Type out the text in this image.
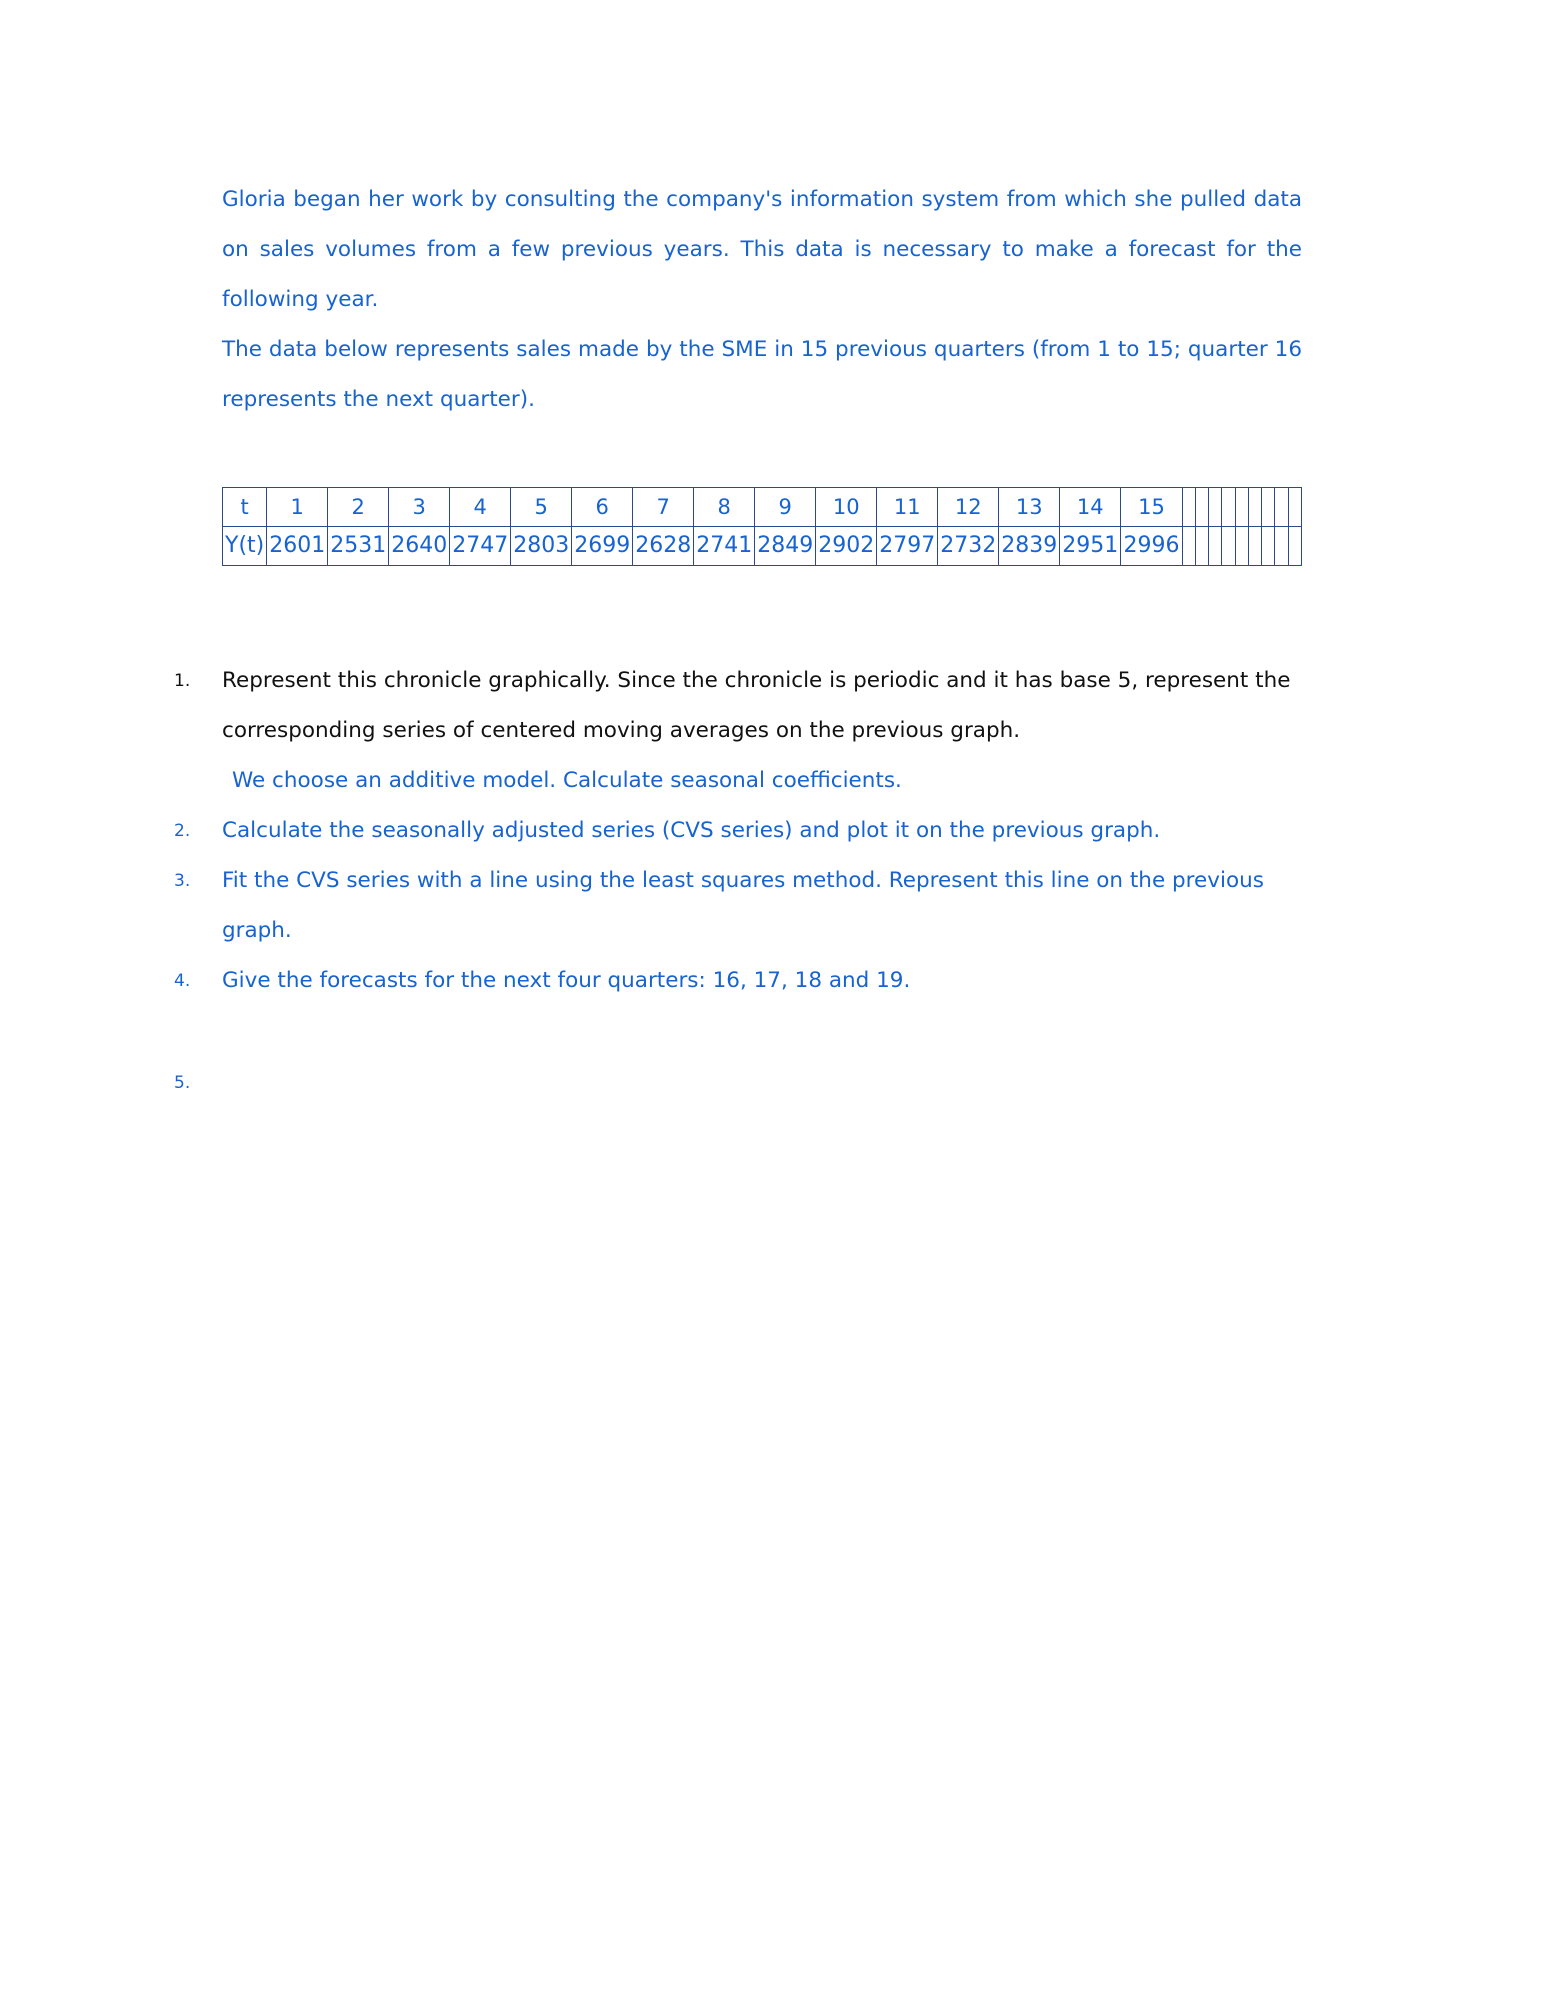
Gloria began her work by consulting the company's information system from which she pulled data on sales volumes from a few previous years. This data is necessary to make a forecast for the following year.

The data below represents sales made by the SME in 15 previous quarters (from 1 to 15; quarter 16 represents the next quarter).

t	1	2	3	4	5	6	7	8	9	10	11	12	13	14	15									
Y(t)	2601	2531	2640	2747	2803	2699	2628	2741	2849	2902	2797	2732	2839	2951	2996									
1. Represent this chronicle graphically. Since the chronicle is periodic and it has base 5, represent the corresponding series of centered moving averages on the previous graph.
We choose an additive model. Calculate seasonal coefficients.
2. Calculate the seasonally adjusted series (CVS series) and plot it on the previous graph.
3. Fit the CVS series with a line using the least squares method. Represent this line on the previous graph.
4. Give the forecasts for the next four quarters: 16, 17, 18 and 19.
5.
